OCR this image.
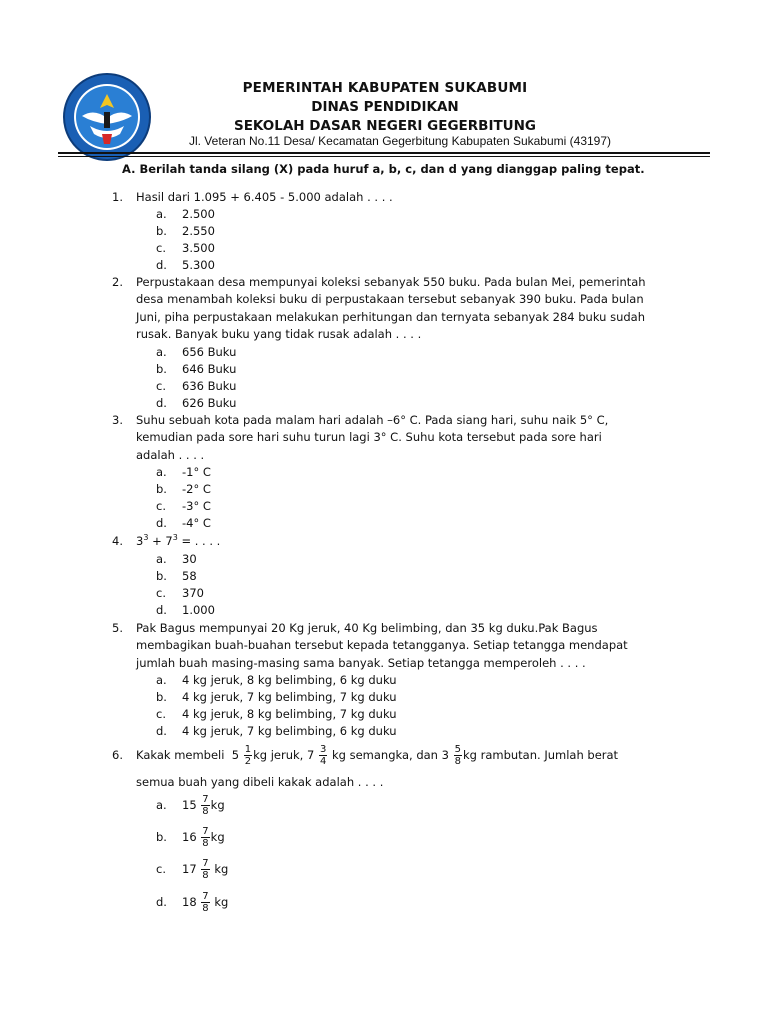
PEMERINTAH KABUPATEN SUKABUMI
DINAS PENDIDIKAN
SEKOLAH DASAR NEGERI GEGERBITUNG
Jl. Veteran No.11 Desa/ Kecamatan Gegerbitung Kabupaten Sukabumi (43197)
A. Berilah tanda silang (X) pada huruf a, b, c, dan d yang dianggap paling tepat.
1.	Hasil dari 1.095 + 6.405 - 5.000 adalah . . . .
a. 2.500
b. 2.550
c. 3.500
d. 5.300
2.	Perpustakaan desa mempunyai koleksi sebanyak 550 buku. Pada bulan Mei, pemerintah
desa menambah koleksi buku di perpustakaan tersebut sebanyak 390 buku. Pada bulan
Juni, piha perpustakaan melakukan perhitungan dan ternyata sebanyak 284 buku sudah
rusak. Banyak buku yang tidak rusak adalah . . . .
a. 656 Buku
b. 646 Buku
c. 636 Buku
d. 626 Buku
3.	Suhu sebuah kota pada malam hari adalah –6° C. Pada siang hari, suhu naik 5° C,
kemudian pada sore hari suhu turun lagi 3° C. Suhu kota tersebut pada sore hari
adalah . . . .
a. -1° C
b. -2° C
c. -3° C
d. -4° C
4.	$3^3 + 7^3$ = . . . .
a. 30
b. 58
c. 370
d. 1.000
5.	Pak Bagus mempunyai 20 Kg jeruk, 40 Kg belimbing, dan 35 kg duku.Pak Bagus
membagikan buah-buahan tersebut kepada tetangganya. Setiap tetangga mendapat
jumlah buah masing-masing sama banyak. Setiap tetangga memperoleh . . . .
a. 4 kg jeruk, 8 kg belimbing, 6 kg duku
b. 4 kg jeruk, 7 kg belimbing, 7 kg duku
c. 4 kg jeruk, 8 kg belimbing, 7 kg duku
d. 4 kg jeruk, 7 kg belimbing, 6 kg duku
6.	Kakak membeli  $5 \frac{1}{2}$ kg jeruk, $7 \frac{3}{4}$ kg semangka, dan $3 \frac{5}{8}$ kg rambutan. Jumlah berat
semua buah yang dibeli kakak adalah . . . .
a. $15 \frac{7}{8}$ kg
b. $16 \frac{7}{8}$ kg
c. $17 \frac{7}{8}$ kg
d. $18 \frac{7}{8}$ kg
